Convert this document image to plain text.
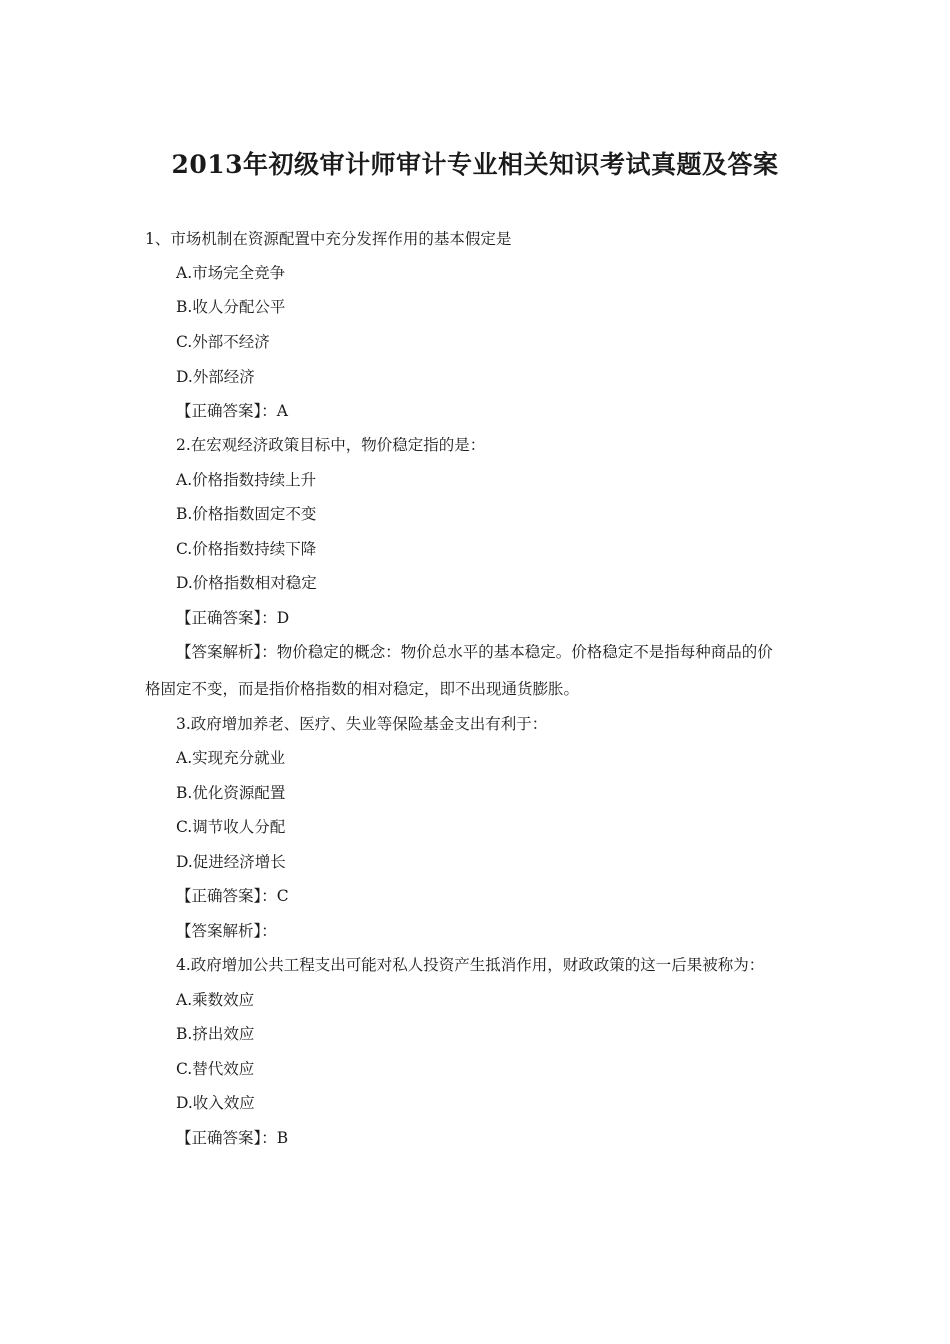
2013年初级审计师审计专业相关知识考试真题及答案
1、市场机制在资源配置中充分发挥作用的基本假定是
A.市场完全竞争
B.收人分配公平
C.外部不经济
D.外部经济
【正确答案】：A
2.在宏观经济政策目标中，物价稳定指的是：
A.价格指数持续上升
B.价格指数固定不变
C.价格指数持续下降
D.价格指数相对稳定
【正确答案】：D
【答案解析】：物价稳定的概念：物价总水平的基本稳定。价格稳定不是指每种商品的价
格固定不变，而是指价格指数的相对稳定，即不出现通货膨胀。
3.政府增加养老、医疗、失业等保险基金支出有利于：
A.实现充分就业
B.优化资源配置
C.调节收人分配
D.促进经济增长
【正确答案】：C
【答案解析】：
4.政府增加公共工程支出可能对私人投资产生抵消作用，财政政策的这一后果被称为：
A.乘数效应
B.挤出效应
C.替代效应
D.收入效应
【正确答案】：B
